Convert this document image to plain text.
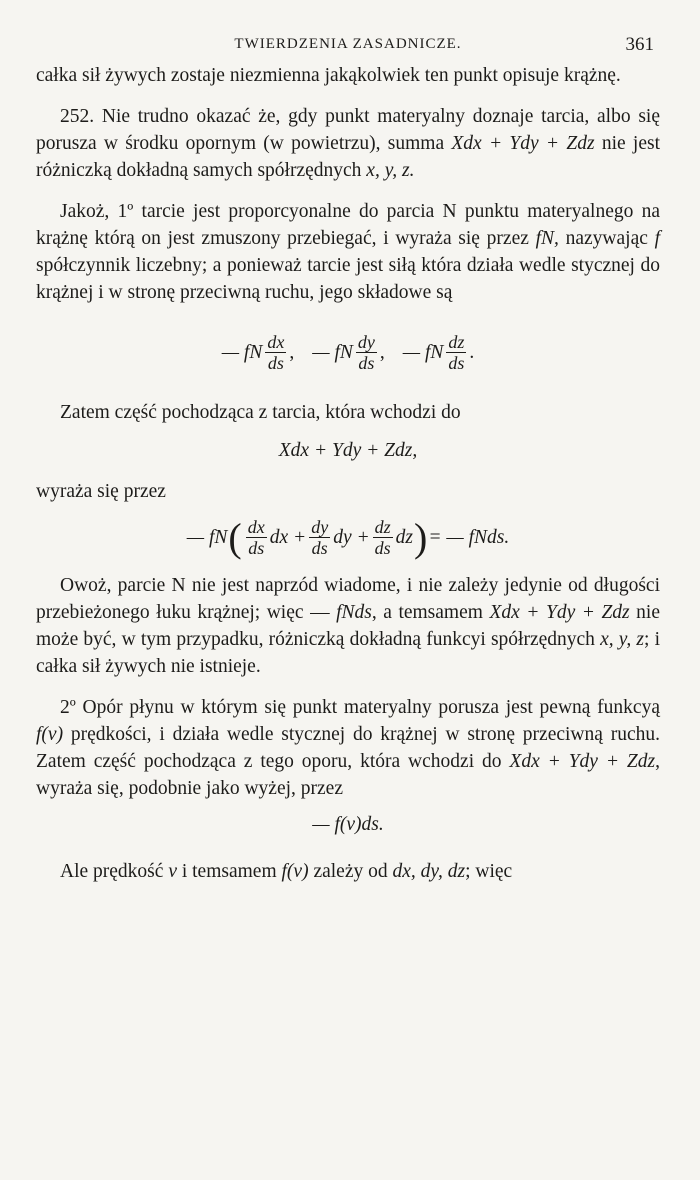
TWIERDZENIA ZASADNICZE.	361

całka sił żywych zostaje niezmienna jakąkolwiek ten punkt opisuje krążnę.

252. Nie trudno okazać że, gdy punkt materyalny doznaje tarcia, albo się porusza w środku opornym (w powietrzu), summa Xdx + Ydy + Zdz nie jest różniczką dokładną samych spółrzędnych x, y, z.

Jakoż, 1º tarcie jest proporcyonalne do parcia N punktu materyalnego na krążnę którą on jest zmuszony przebiegać, i wyraża się przez fN, nazywając f spółczynnik liczebny; a ponieważ tarcie jest siłą która działa wedle stycznej do krążnej i w stronę przeciwną ruchu, jego składowe są

— fN $\frac{dx}{ds}$ , — fN $\frac{dy}{ds}$ , — fN $\frac{dz}{ds}$ .

Zatem część pochodząca z tarcia, która wchodzi do

Xdx + Ydy + Zdz,

wyraża się przez

— fN ( $\frac{dx}{ds}$ dx + $\frac{dy}{ds}$ dy + $\frac{dz}{ds}$ dz ) = — fNds.

Owoż, parcie N nie jest naprzód wiadome, i nie zależy jedynie od długości przebieżonego łuku krążnej; więc — fNds, a temsamem Xdx + Ydy + Zdz nie może być, w tym przypadku, różniczką dokładną funkcyi spółrzędnych x, y, z; i całka sił żywych nie istnieje.

2º Opór płynu w którym się punkt materyalny porusza jest pewną funkcyą f(v) prędkości, i działa wedle stycznej do krążnej w stronę przeciwną ruchu. Zatem część pochodząca z tego oporu, która wchodzi do Xdx + Ydy + Zdz, wyraża się, podobnie jako wyżej, przez

— f(v)ds.

Ale prędkość v i temsamem f(v) zależy od dx, dy, dz; więc
